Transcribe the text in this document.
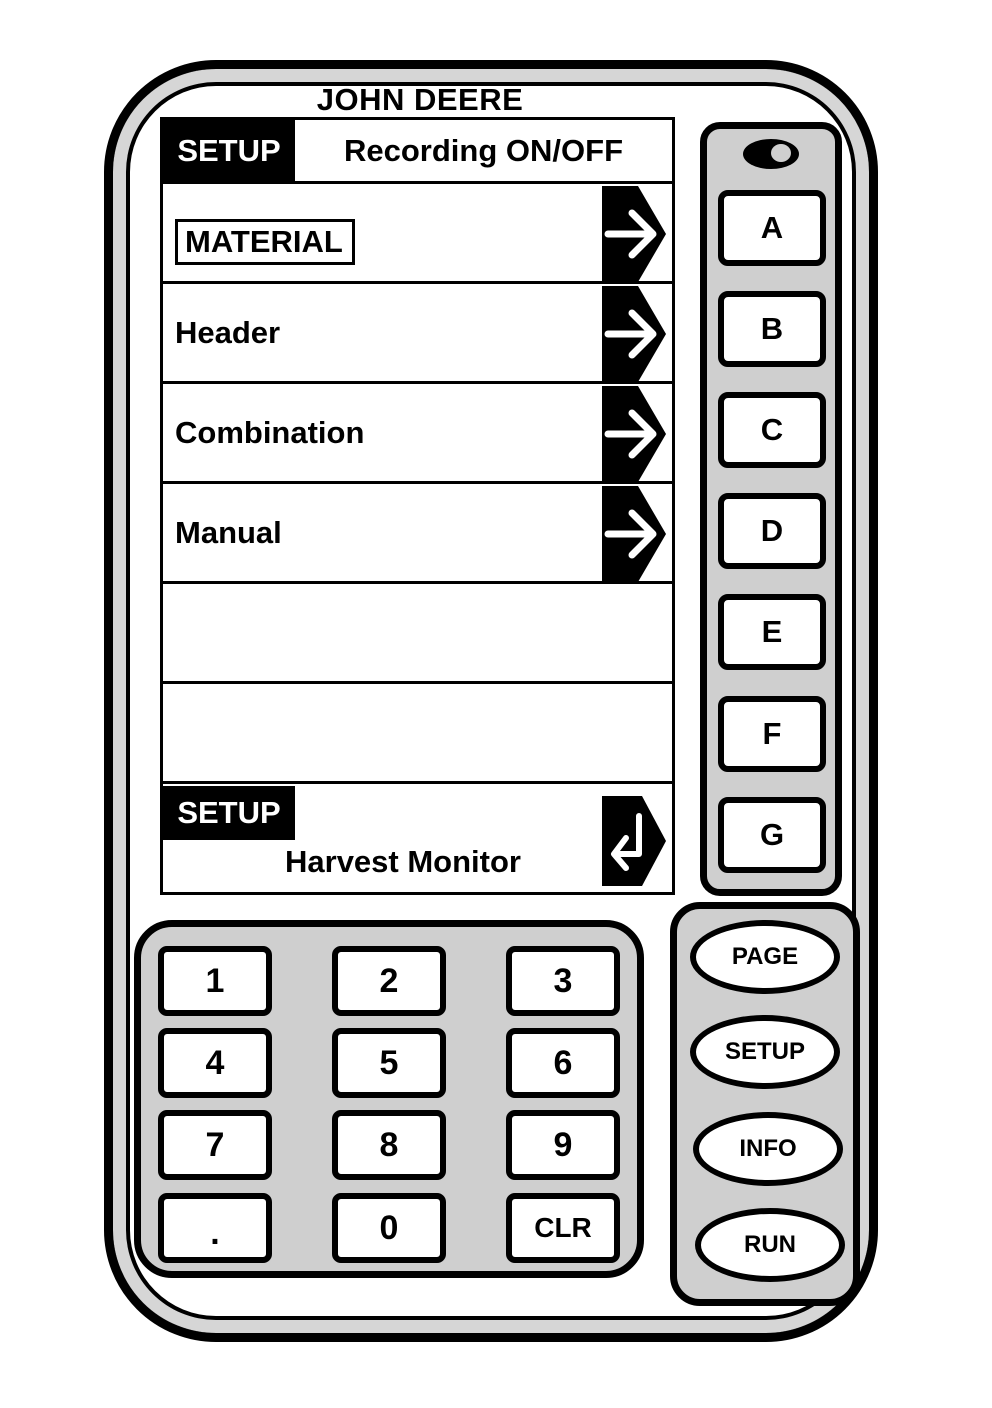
JOHN DEERE
SETUP	Recording ON/OFF
MATERIAL
Header
Combination
Manual
SETUP
Harvest Monitor
A
B
C
D
E
F
G
1	2	3
4	5	6
7	8	9
.	0	CLR
PAGE
SETUP
INFO
RUN
